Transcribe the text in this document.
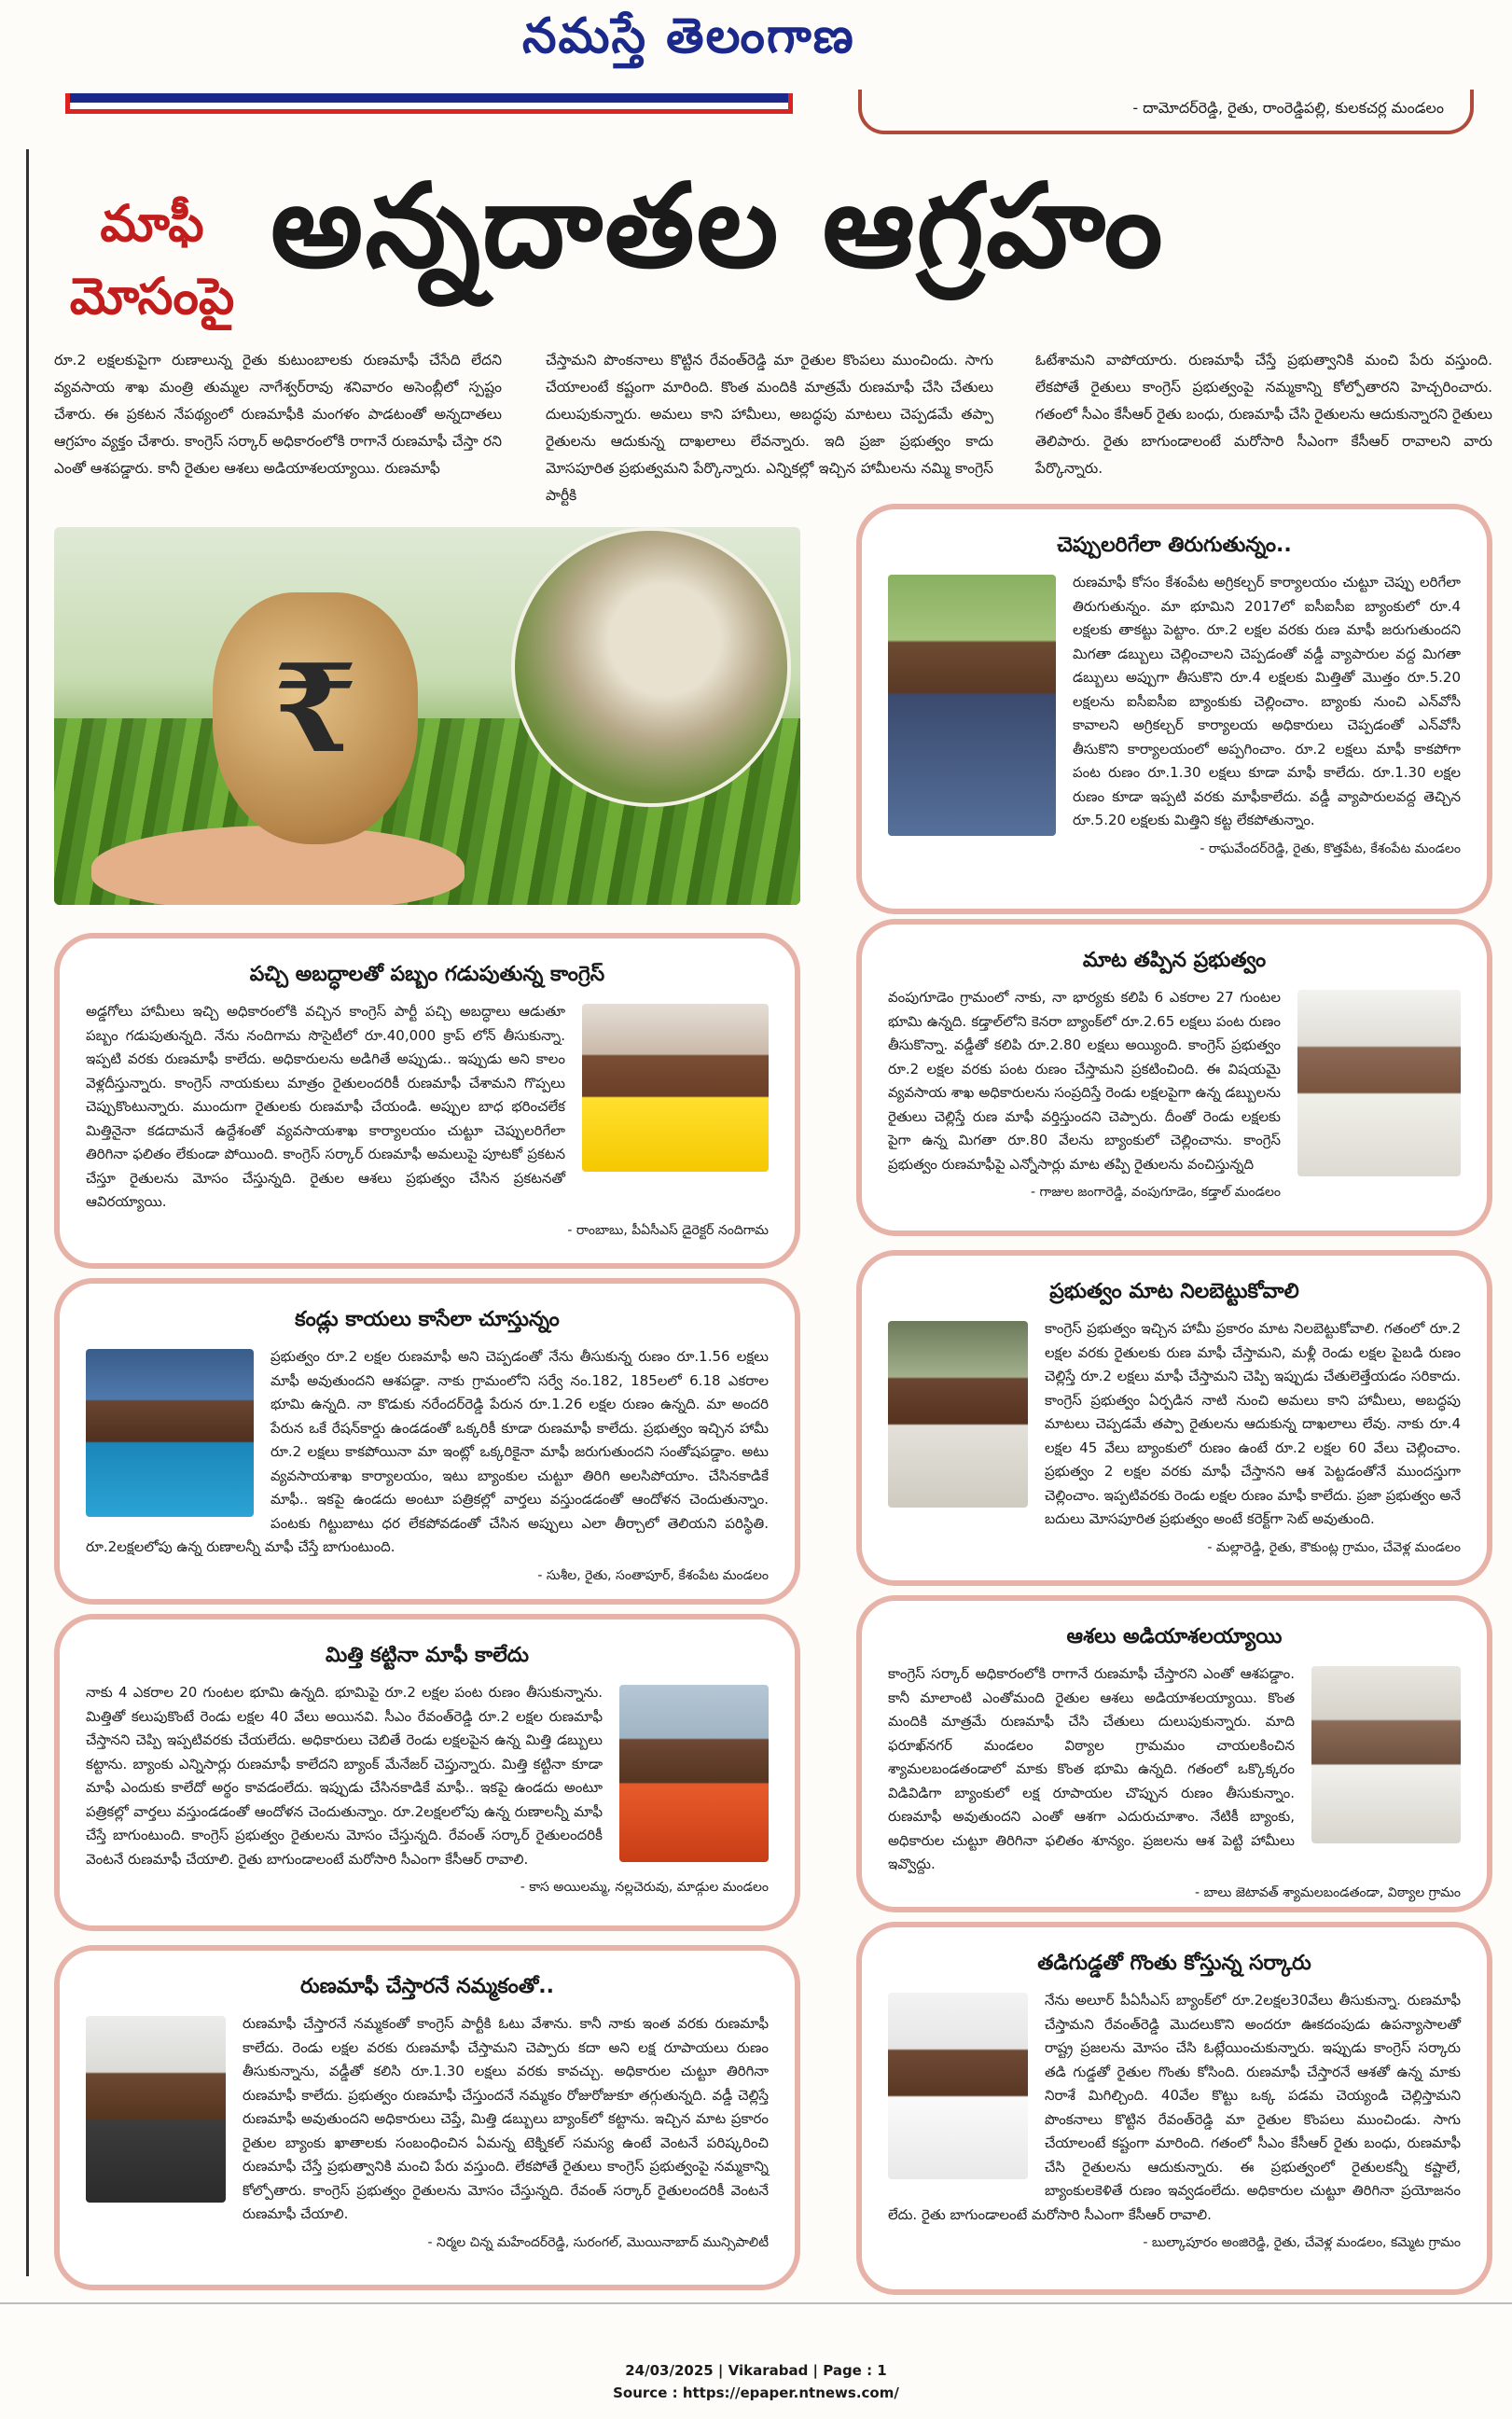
నమస్తే తెలంగాణ
- దామోదర్‌రెడ్డి, రైతు, రాంరెడ్డిపల్లి, కులకచర్ల మండలం
మాఫీ
మోసంపై
అన్నదాతల ఆగ్రహం
రూ.2 లక్షలకుపైగా రుణాలున్న రైతు కుటుంబాలకు రుణమాఫీ చేసేది లేదని వ్యవసాయ శాఖ మంత్రి తుమ్మల నాగేశ్వర్‌రావు శనివారం అసెంబ్లీలో స్పష్టం చేశారు. ఈ ప్రకటన నేపథ్యంలో రుణమాఫీకి మంగళం పాడటంతో అన్నదాతలు ఆగ్రహం వ్యక్తం చేశారు. కాంగ్రెస్ సర్కార్ అధికారంలోకి రాగానే రుణమాఫీ చేస్తా రని ఎంతో ఆశపడ్డారు. కానీ రైతుల ఆశలు అడియాశలయ్యాయి. రుణమాఫీ
చేస్తామని పొంకనాలు కొట్టిన రేవంత్‌రెడ్డి మా రైతుల కొంపలు ముంచిందు. సాగు చేయాలంటే కష్టంగా మారింది. కొంత మందికి మాత్రమే రుణమాఫీ చేసి చేతులు దులుపుకున్నారు. అమలు కాని హామీలు, అబద్ధపు మాటలు చెప్పడమే తప్పా రైతులను ఆదుకున్న దాఖలాలు లేవన్నారు. ఇది ప్రజా ప్రభుత్వం కాదు మోసపూరిత ప్రభుత్వమని పేర్కొన్నారు. ఎన్నికల్లో ఇచ్చిన హామీలను నమ్మి కాంగ్రెస్ పార్టీకి
ఓటేశామని వాపోయారు. రుణమాఫీ చేస్తే ప్రభుత్వానికి మంచి పేరు వస్తుంది. లేకపోతే రైతులు కాంగ్రెస్ ప్రభుత్వంపై నమ్మకాన్ని కోల్పోతారని హెచ్చరించారు. గతంలో సీఎం కేసీఆర్ రైతు బంధు, రుణమాఫీ చేసి రైతులను ఆదుకున్నారని రైతులు తెలిపారు. రైతు బాగుండాలంటే మరోసారి సీఎంగా కేసీఆర్ రావాలని వారు పేర్కొన్నారు.
₹
చెప్పులరిగేలా తిరుగుతున్నం..
రుణమాఫీ కోసం కేశంపేట అగ్రికల్చర్ కార్యాలయం చుట్టూ చెప్పు లరిగేలా తిరుగుతున్నం. మా భూమిని 2017లో ఐసీఐసీఐ బ్యాంకులో రూ.4 లక్షలకు తాకట్టు పెట్టాం. రూ.2 లక్షల వరకు రుణ మాఫీ జరుగుతుందని మిగతా డబ్బులు చెల్లించాలని చెప్పడంతో వడ్డీ వ్యాపారుల వద్ద మిగతా డబ్బులు అప్పుగా తీసుకొని రూ.4 లక్షలకు మిత్తితో మొత్తం రూ.5.20 లక్షలను ఐసీఐసీఐ బ్యాంకుకు చెల్లించాం. బ్యాంకు నుంచి ఎన్‌వోసీ కావాలని అగ్రికల్చర్ కార్యాలయ అధికారులు చెప్పడంతో ఎన్‌వోసీ తీసుకొని కార్యాలయంలో అప్పగించాం. రూ.2 లక్షలు మాఫీ కాకపోగా పంట రుణం రూ.1.30 లక్షలు కూడా మాఫీ కాలేదు. రూ.1.30 లక్షల రుణం కూడా ఇప్పటి వరకు మాఫీకాలేదు. వడ్డీ వ్యాపారులవద్ద తెచ్చిన రూ.5.20 లక్షలకు మిత్తిని కట్ట లేకపోతున్నాం.
- రాఘవేందర్‌రెడ్డి, రైతు, కొత్తపేట, కేశంపేట మండలం
పచ్చి అబద్ధాలతో పబ్బం గడుపుతున్న కాంగ్రెస్
అడ్డగోలు హామీలు ఇచ్చి అధికారంలోకి వచ్చిన కాంగ్రెస్ పార్టీ పచ్చి అబద్ధాలు ఆడుతూ పబ్బం గడుపుతున్నది. నేను నందిగామ సొసైటీలో రూ.40,000 క్రాప్ లోన్ తీసుకున్నా. ఇప్పటి వరకు రుణమాఫీ కాలేదు. అధికారులను అడిగితే అప్పుడు.. ఇప్పుడు అని కాలం వెళ్లదీస్తున్నారు. కాంగ్రెస్ నాయకులు మాత్రం రైతులందరికీ రుణమాఫీ చేశామని గొప్పలు చెప్పుకొంటున్నారు. ముందుగా రైతులకు రుణమాఫీ చేయండి. అప్పుల బాధ భరించలేక మిత్తినైనా కడదామనే ఉద్దేశంతో వ్యవసాయశాఖ కార్యాలయం చుట్టూ చెప్పులరిగేలా తిరిగినా ఫలితం లేకుండా పోయింది. కాంగ్రెస్ సర్కార్ రుణమాఫీ అమలుపై పూటకో ప్రకటన చేస్తూ రైతులను మోసం చేస్తున్నది. రైతుల ఆశలు ప్రభుత్వం చేసిన ప్రకటనతో ఆవిరయ్యాయి.
- రాంబాబు, పీఏసీఎస్ డైరెక్టర్ నందిగామ
మాట తప్పిన ప్రభుత్వం
వంపుగూడెం గ్రామంలో నాకు, నా భార్యకు కలిపి 6 ఎకరాల 27 గుంటల భూమి ఉన్నది. కడ్తాల్‌లోని కెనరా బ్యాంక్‌లో రూ.2.65 లక్షలు పంట రుణం తీసుకొన్నా. వడ్డీతో కలిపి రూ.2.80 లక్షలు అయ్యింది. కాంగ్రెస్ ప్రభుత్వం రూ.2 లక్షల వరకు పంట రుణం చేస్తామని ప్రకటించింది. ఈ విషయమై వ్యవసాయ శాఖ అధికారులను సంప్రదిస్తే రెండు లక్షలపైగా ఉన్న డబ్బులను రైతులు చెల్లిస్తే రుణ మాఫీ వర్తిస్తుందని చెప్పారు. దీంతో రెండు లక్షలకు పైగా ఉన్న మిగతా రూ.80 వేలను బ్యాంకులో చెల్లించాను. కాంగ్రెస్ ప్రభుత్వం రుణమాఫీపై ఎన్నోసార్లు మాట తప్పి రైతులను వంచిస్తున్నది
- గాజుల జంగారెడ్డి, వంపుగూడెం, కడ్తాల్ మండలం
కండ్లు కాయలు కాసేలా చూస్తున్నం
ప్రభుత్వం రూ.2 లక్షల రుణమాఫీ అని చెప్పడంతో నేను తీసుకున్న రుణం రూ.1.56 లక్షలు మాఫీ అవుతుందని ఆశపడ్డా. నాకు గ్రామంలోని సర్వే నం.182, 185లలో 6.18 ఎకరాల భూమి ఉన్నది. నా కొడుకు నరేందర్‌రెడ్డి పేరున రూ.1.26 లక్షల రుణం ఉన్నది. మా అందరి పేరున ఒకే రేషన్‌కార్డు ఉండడంతో ఒక్కరికీ కూడా రుణమాఫీ కాలేదు. ప్రభుత్వం ఇచ్చిన హామీ రూ.2 లక్షలు కాకపోయినా మా ఇంట్లో ఒక్కరికైనా మాఫీ జరుగుతుందని సంతోషపడ్డాం. అటు వ్యవసాయశాఖ కార్యాలయం, ఇటు బ్యాంకుల చుట్టూ తిరిగి అలసిపోయాం. చేసినకాడికే మాఫీ.. ఇకపై ఉండదు అంటూ పత్రికల్లో వార్తలు వస్తుండడంతో ఆందోళన చెందుతున్నాం. పంటకు గిట్టుబాటు ధర లేకపోవడంతో చేసిన అప్పులు ఎలా తీర్చాలో తెలియని పరిస్థితి. రూ.2లక్షలలోపు ఉన్న రుణాలన్నీ మాఫీ చేస్తే బాగుంటుంది.
- సుశీల, రైతు, సంతాపూర్, కేశంపేట మండలం
ప్రభుత్వం మాట నిలబెట్టుకోవాలి
కాంగ్రెస్ ప్రభుత్వం ఇచ్చిన హామీ ప్రకారం మాట నిలబెట్టుకోవాలి. గతంలో రూ.2 లక్షల వరకు రైతులకు రుణ మాఫీ చేస్తామని, మళ్లీ రెండు లక్షల పైబడి రుణం చెల్లిస్తే రూ.2 లక్షలు మాఫీ చేస్తామని చెప్పి ఇప్పుడు చేతులెత్తేయడం సరికాదు. కాంగ్రెస్ ప్రభుత్వం ఏర్పడిన నాటి నుంచి అమలు కాని హామీలు, అబద్ధపు మాటలు చెప్పడమే తప్పా రైతులను ఆదుకున్న దాఖలాలు లేవు. నాకు రూ.4 లక్షల 45 వేలు బ్యాంకులో రుణం ఉంటే రూ.2 లక్షల 60 వేలు చెల్లించాం. ప్రభుత్వం 2 లక్షల వరకు మాఫీ చేస్తానని ఆశ పెట్టడంతోనే ముందస్తుగా చెల్లించాం. ఇప్పటివరకు రెండు లక్షల రుణం మాఫీ కాలేదు. ప్రజా ప్రభుత్వం అనే బదులు మోసపూరిత ప్రభుత్వం అంటే కరెక్ట్‌గా సెట్ అవుతుంది.
- మల్లారెడ్డి, రైతు, కౌకుంట్ల గ్రామం, చేవెళ్ల మండలం
మిత్తి కట్టినా మాఫీ కాలేదు
నాకు 4 ఎకరాల 20 గుంటల భూమి ఉన్నది. భూమిపై రూ.2 లక్షల పంట రుణం తీసుకున్నాను. మిత్తితో కలుపుకొంటే రెండు లక్షల 40 వేలు అయినవి. సీఎం రేవంత్‌రెడ్డి రూ.2 లక్షల రుణమాఫీ చేస్తానని చెప్పి ఇప్పటివరకు చేయలేదు. అధికారులు చెబితే రెండు లక్షలపైన ఉన్న మిత్తి డబ్బులు కట్టాను. బ్యాంకు ఎన్నిసార్లు రుణమాఫీ కాలేదని బ్యాంక్ మేనేజర్ చెప్తున్నారు. మిత్తి కట్టినా కూడా మాఫీ ఎందుకు కాలేదో అర్థం కావడంలేదు. ఇప్పుడు చేసినకాడికే మాఫీ.. ఇకపై ఉండదు అంటూ పత్రికల్లో వార్తలు వస్తుండడంతో ఆందోళన చెందుతున్నాం. రూ.2లక్షలలోపు ఉన్న రుణాలన్నీ మాఫీ చేస్తే బాగుంటుంది. కాంగ్రెస్ ప్రభుత్వం రైతులను మోసం చేస్తున్నది. రేవంత్ సర్కార్ రైతులందరికీ వెంటనే రుణమాఫీ చేయాలి. రైతు బాగుండాలంటే మరోసారి సీఎంగా కేసీఆర్ రావాలి.
- కాస అయిలమ్మ, నల్లచెరువు, మాడ్గుల మండలం
ఆశలు అడియాశలయ్యాయి
కాంగ్రెస్ సర్కార్ అధికారంలోకి రాగానే రుణమాఫీ చేస్తారని ఎంతో ఆశపడ్డాం. కానీ మాలాంటి ఎంతోమంది రైతుల ఆశలు అడియాశలయ్యాయి. కొంత మందికి మాత్రమే రుణమాఫీ చేసి చేతులు దులుపుకున్నారు. మాది ఫరూఖ్‌నగర్ మండలం విఠ్యాల గ్రామమం చాయలకించిన శ్యామలబండతండాలో మాకు కొంత భూమి ఉన్నది. గతంలో ఒక్కొక్కరం విడివిడిగా బ్యాంకులో లక్ష రూపాయల చొప్పున రుణం తీసుకున్నాం. రుణమాఫీ అవుతుందని ఎంతో ఆశగా ఎదురుచూశాం. నేటికీ బ్యాంకు, అధికారుల చుట్టూ తిరిగినా ఫలితం శూన్యం. ప్రజలను ఆశ పెట్టి హామీలు ఇవ్వొద్దు.
- బాలు జెటావత్ శ్యామలబండతండా, విఠ్యాల గ్రామం
రుణమాఫీ చేస్తారనే నమ్మకంతో..
రుణమాఫీ చేస్తారనే నమ్మకంతో కాంగ్రెస్ పార్టీకి ఓటు వేశాను. కానీ నాకు ఇంత వరకు రుణమాఫీ కాలేదు. రెండు లక్షల వరకు రుణమాఫీ చేస్తామని చెప్పారు కదా అని లక్ష రూపాయలు రుణం తీసుకున్నాను, వడ్డీతో కలిసి రూ.1.30 లక్షలు వరకు కావచ్చు. అధికారుల చుట్టూ తిరిగినా రుణమాఫీ కాలేదు. ప్రభుత్వం రుణమాఫీ చేస్తుందనే నమ్మకం రోజురోజుకూ తగ్గుతున్నది. వడ్డీ చెల్లిస్తే రుణమాఫీ అవుతుందని అధికారులు చెప్తే, మిత్తి డబ్బులు బ్యాంక్‌లో కట్టాను. ఇచ్చిన మాట ప్రకారం రైతుల బ్యాంకు ఖాతాలకు సంబంధించిన ఏమన్న టెక్నికల్ సమస్య ఉంటే వెంటనే పరిష్కరించి రుణమాఫీ చేస్తే ప్రభుత్వానికి మంచి పేరు వస్తుంది. లేకపోతే రైతులు కాంగ్రెస్ ప్రభుత్వంపై నమ్మకాన్ని కోల్పోతారు. కాంగ్రెస్ ప్రభుత్వం రైతులను మోసం చేస్తున్నది. రేవంత్ సర్కార్ రైతులందరికీ వెంటనే రుణమాఫీ చేయాలి.
- నిర్మల చిన్న మహేందర్‌రెడ్డి, సురంగల్, మొయినాబాద్ మున్సిపాలిటీ
తడిగుడ్డతో గొంతు కోస్తున్న సర్కారు
నేను అలూర్ పీఏసీఎస్ బ్యాంక్‌లో రూ.2లక్షల30వేలు తీసుకున్నా. రుణమాఫీ చేస్తామని రేవంత్‌రెడ్డి మొదలుకొని అందరూ ఊకదంపుడు ఉపన్యాసాలతో రాష్ట్ర ప్రజలను మోసం చేసి ఓట్లేయించుకున్నారు. ఇప్పుడు కాంగ్రెస్ సర్కారు తడి గుడ్డతో రైతుల గొంతు కోసింది. రుణమాఫీ చేస్తారనే ఆశతో ఉన్న మాకు నిరాశే మిగిల్చింది. 40వేల కొట్టు ఒక్క పడమ చెయ్యండి చెల్లిస్తామని పొంకనాలు కొట్టిన రేవంత్‌రెడ్డి మా రైతుల కొంపలు ముంచిండు. సాగు చేయాలంటే కష్టంగా మారింది. గతంలో సీఎం కేసీఆర్ రైతు బంధు, రుణమాఫీ చేసి రైతులను ఆదుకున్నారు. ఈ ప్రభుత్వంలో రైతులకన్నీ కష్టాలే, బ్యాంకులకెళితే రుణం ఇవ్వడంలేదు. అధికారుల చుట్టూ తిరిగినా ప్రయోజనం లేదు. రైతు బాగుండాలంటే మరోసారి సీఎంగా కేసీఆర్ రావాలి.
- బుల్కాపూరం అంజిరెడ్డి, రైతు, చేవెళ్ల మండలం, కమ్మెట గ్రామం
24/03/2025 | Vikarabad | Page : 1
Source : https://epaper.ntnews.com/
